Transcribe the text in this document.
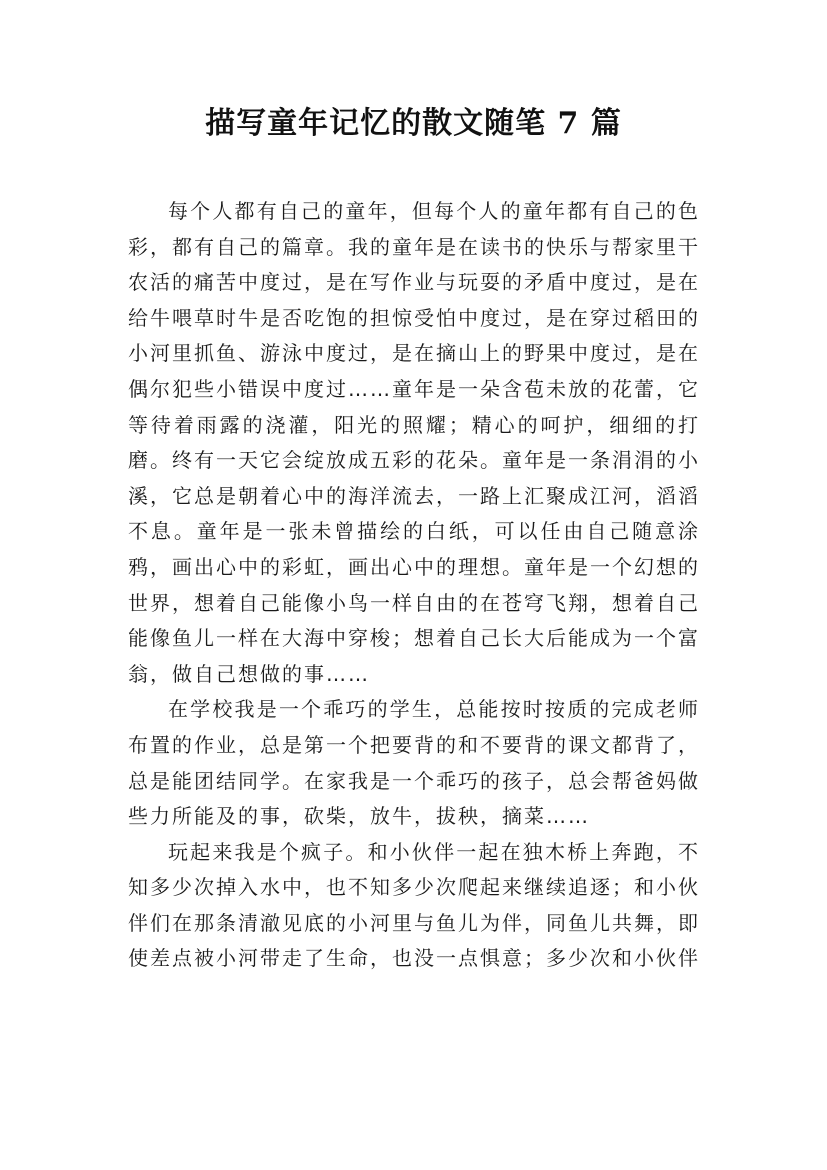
描写童年记忆的散文随笔 7 篇

每个人都有自己的童年，但每个人的童年都有自己的色彩，都有自己的篇章。我的童年是在读书的快乐与帮家里干农活的痛苦中度过，是在写作业与玩耍的矛盾中度过，是在给牛喂草时牛是否吃饱的担惊受怕中度过，是在穿过稻田的小河里抓鱼、游泳中度过，是在摘山上的野果中度过，是在偶尔犯些小错误中度过……童年是一朵含苞未放的花蕾，它等待着雨露的浇灌，阳光的照耀；精心的呵护，细细的打磨。终有一天它会绽放成五彩的花朵。童年是一条涓涓的小溪，它总是朝着心中的海洋流去，一路上汇聚成江河，滔滔不息。童年是一张未曾描绘的白纸，可以任由自己随意涂鸦，画出心中的彩虹，画出心中的理想。童年是一个幻想的世界，想着自己能像小鸟一样自由的在苍穹飞翔，想着自己能像鱼儿一样在大海中穿梭；想着自己长大后能成为一个富翁，做自己想做的事……

在学校我是一个乖巧的学生，总能按时按质的完成老师布置的作业，总是第一个把要背的和不要背的课文都背了，总是能团结同学。在家我是一个乖巧的孩子，总会帮爸妈做些力所能及的事，砍柴，放牛，拔秧，摘菜……

玩起来我是个疯子。和小伙伴一起在独木桥上奔跑，不知多少次掉入水中，也不知多少次爬起来继续追逐；和小伙伴们在那条清澈见底的小河里与鱼儿为伴，同鱼儿共舞，即使差点被小河带走了生命，也没一点惧意；多少次和小伙伴
